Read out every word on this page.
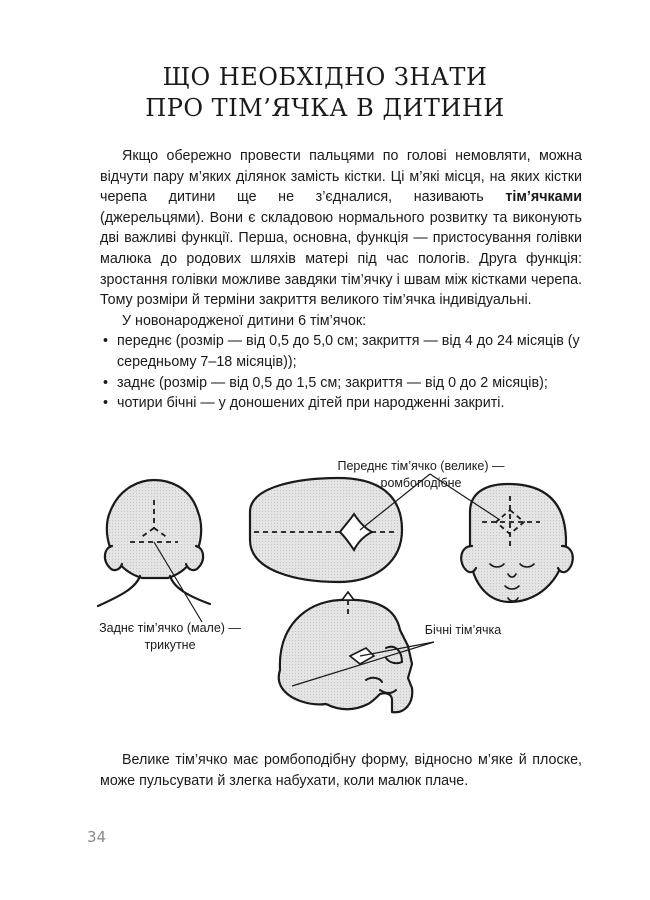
ЩО НЕОБХІДНО ЗНАТИ
ПРО ТІМ’ЯЧКА В ДИТИНИ

Якщо обережно провести пальцями по голові немовляти, можна відчути пару м’яких ділянок замість кістки. Ці м’які місця, на яких кістки черепа дитини ще не з’єдналися, називають тім’ячками (джерельцями). Вони є складовою нормального розвитку та виконують дві важливі функції. Перша, основна, функція — пристосування голівки малюка до родових шляхів матері під час пологів. Друга функція: зростання голівки можливе завдяки тім’ячку і швам між кістками черепа. Тому розміри й терміни закриття великого тім’ячка індивідуальні.

У новонародженої дитини 6 тім’ячок:

• переднє (розмір — від 0,5 до 5,0 см; закриття — від 4 до 24 місяців (у середньому 7–18 місяців));
• заднє (розмір — від 0,5 до 1,5 см; закриття — від 0 до 2 місяців);
• чотири бічні — у доношених дітей при народженні закриті.
Переднє тім’ячко (велике) — ромбоподібне
Заднє тім’ячко (мале) — трикутне
Бічні тім’ячка

Велике тім’ячко має ромбоподібну форму, відносно м’яке й плоске, може пульсувати й злегка набухати, коли малюк плаче.

34
